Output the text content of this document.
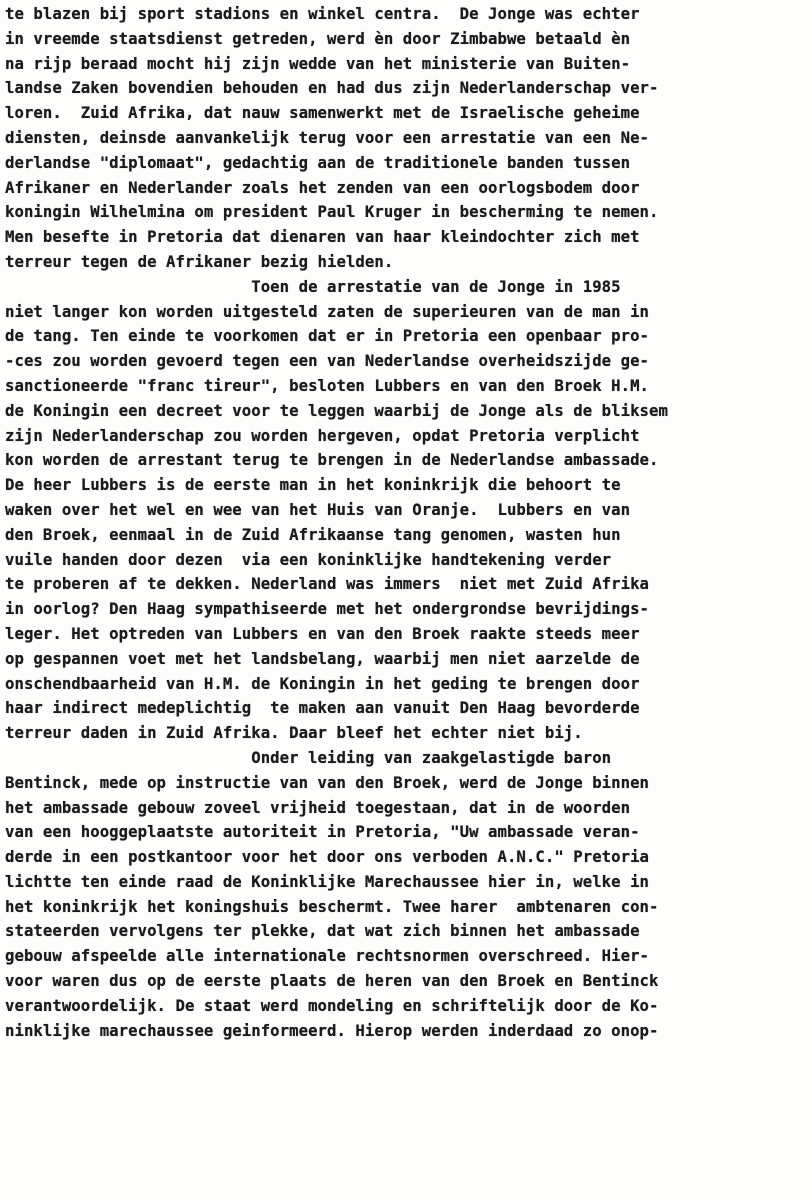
te blazen bij sport stadions en winkel centra.  De Jonge was echter
in vreemde staatsdienst getreden, werd èn door Zimbabwe betaald èn
na rijp beraad mocht hij zijn wedde van het ministerie van Buiten-
landse Zaken bovendien behouden en had dus zijn Nederlanderschap ver-
loren.  Zuid Afrika, dat nauw samenwerkt met de Israelische geheime
diensten, deinsde aanvankelijk terug voor een arrestatie van een Ne-
derlandse "diplomaat", gedachtig aan de traditionele banden tussen
Afrikaner en Nederlander zoals het zenden van een oorlogsbodem door
koningin Wilhelmina om president Paul Kruger in bescherming te nemen.
Men besefte in Pretoria dat dienaren van haar kleindochter zich met
terreur tegen de Afrikaner bezig hielden.
Toen de arrestatie van de Jonge in 1985
niet langer kon worden uitgesteld zaten de superieuren van de man in
de tang. Ten einde te voorkomen dat er in Pretoria een openbaar pro-
-ces zou worden gevoerd tegen een van Nederlandse overheidszijde ge-
sanctioneerde "franc tireur", besloten Lubbers en van den Broek H.M.
de Koningin een decreet voor te leggen waarbij de Jonge als de bliksem
zijn Nederlanderschap zou worden hergeven, opdat Pretoria verplicht
kon worden de arrestant terug te brengen in de Nederlandse ambassade.
De heer Lubbers is de eerste man in het koninkrijk die behoort te
waken over het wel en wee van het Huis van Oranje.  Lubbers en van
den Broek, eenmaal in de Zuid Afrikaanse tang genomen, wasten hun
vuile handen door dezen  via een koninklijke handtekening verder
te proberen af te dekken. Nederland was immers  niet met Zuid Afrika
in oorlog? Den Haag sympathiseerde met het ondergrondse bevrijdings-
leger. Het optreden van Lubbers en van den Broek raakte steeds meer
op gespannen voet met het landsbelang, waarbij men niet aarzelde de
onschendbaarheid van H.M. de Koningin in het geding te brengen door
haar indirect medeplichtig  te maken aan vanuit Den Haag bevorderde
terreur daden in Zuid Afrika. Daar bleef het echter niet bij.
Onder leiding van zaakgelastigde baron
Bentinck, mede op instructie van van den Broek, werd de Jonge binnen
het ambassade gebouw zoveel vrijheid toegestaan, dat in de woorden
van een hooggeplaatste autoriteit in Pretoria, "Uw ambassade veran-
derde in een postkantoor voor het door ons verboden A.N.C." Pretoria
lichtte ten einde raad de Koninklijke Marechaussee hier in, welke in
het koninkrijk het koningshuis beschermt. Twee harer  ambtenaren con-
stateerden vervolgens ter plekke, dat wat zich binnen het ambassade
gebouw afspeelde alle internationale rechtsnormen overschreed. Hier-
voor waren dus op de eerste plaats de heren van den Broek en Bentinck
verantwoordelijk. De staat werd mondeling en schriftelijk door de Ko-
ninklijke marechaussee geinformeerd. Hierop werden inderdaad zo onop-
